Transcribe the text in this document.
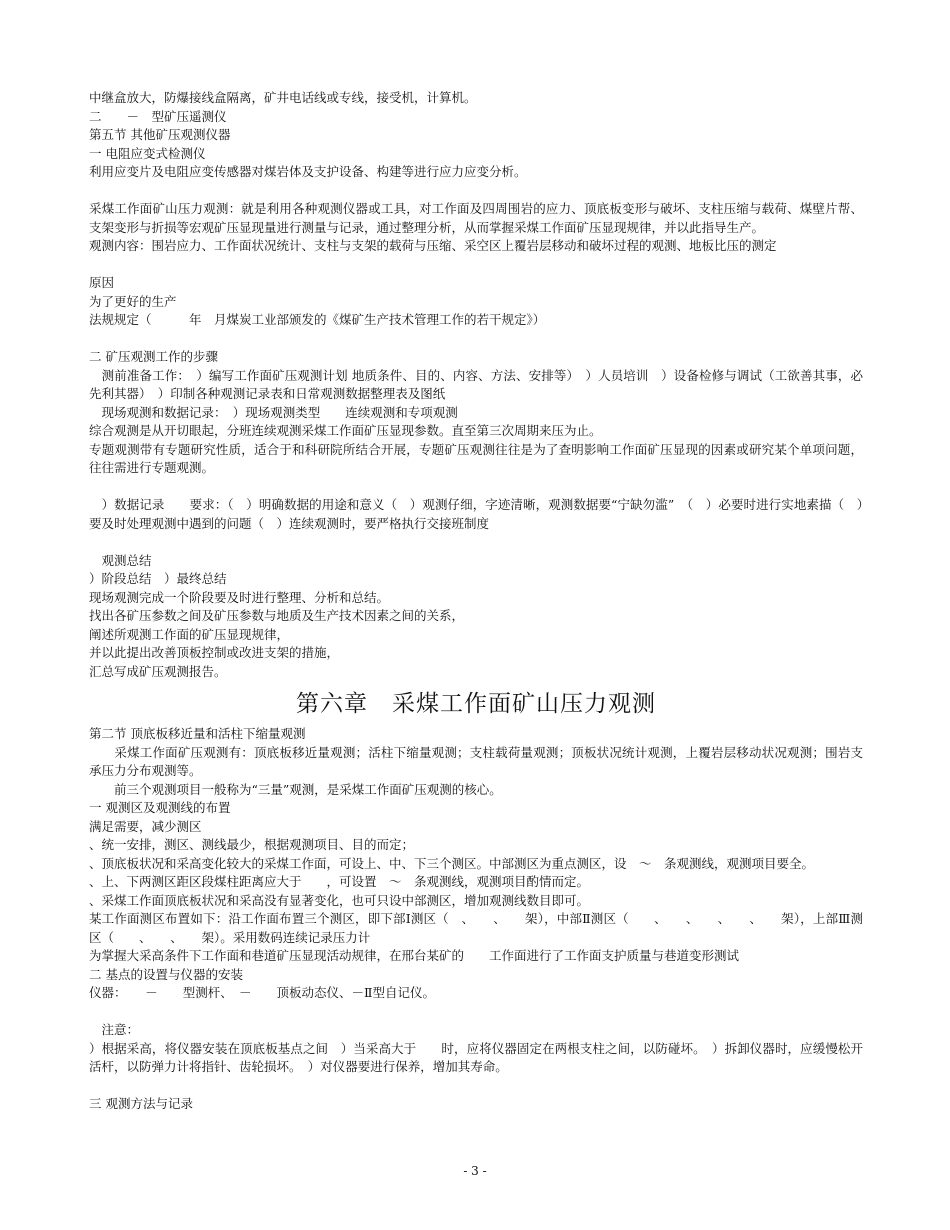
中继盒放大，防爆接线盒隔离，矿井电话线或专线，接受机，计算机。

二　　－　型矿压遥测仪

第五节 其他矿压观测仪器

一 电阻应变式检测仪

利用应变片及电阻应变传感器对煤岩体及支护设备、构建等进行应力应变分析。

采煤工作面矿山压力观测：就是利用各种观测仪器或工具，对工作面及四周围岩的应力、顶底板变形与破坏、支柱压缩与载荷、煤壁片帮、支架变形与折损等宏观矿压显现量进行测量与记录，通过整理分析，从而掌握采煤工作面矿压显现规律，并以此指导生产。

观测内容：围岩应力、工作面状况统计、支柱与支架的载荷与压缩、采空区上覆岩层移动和破坏过程的观测、地板比压的测定

原因

为了更好的生产

法规规定（　　　年　月煤炭工业部颁发的《煤矿生产技术管理工作的若干规定》）

二 矿压观测工作的步骤

　测前准备工作：　）编写工作面矿压观测计划 地质条件、目的、内容、方法、安排等）　）人员培训　）设备检修与调试（工欲善其事，必先利其器）　）印制各种观测记录表和日常观测数据整理表及图纸

　现场观测和数据记录：　）现场观测类型　　连续观测和专项观测

综合观测是从开切眼起，分班连续观测采煤工作面矿压显现参数。直至第三次周期来压为止。

专题观测带有专题研究性质，适合于和科研院所结合开展，专题矿压观测往往是为了查明影响工作面矿压显现的因素或研究某个单项问题，往往需进行专题观测。

　）数据记录　　要求：（　）明确数据的用途和意义（　）观测仔细，字迹清晰，观测数据要“宁缺勿滥”　（　）必要时进行实地素描（　）要及时处理观测中遇到的问题（　）连续观测时，要严格执行交接班制度

　观测总结

）阶段总结　）最终总结

现场观测完成一个阶段要及时进行整理、分析和总结。

找出各矿压参数之间及矿压参数与地质及生产技术因素之间的关系，

阐述所观测工作面的矿压显现规律，

并以此提出改善顶板控制或改进支架的措施，

汇总写成矿压观测报告。

第六章　采煤工作面矿山压力观测

第二节 顶底板移近量和活柱下缩量观测

　　采煤工作面矿压观测有：顶底板移近量观测；活柱下缩量观测；支柱载荷量观测；顶板状况统计观测，上覆岩层移动状况观测；围岩支承压力分布观测等。

　　前三个观测项目一般称为“三量”观测，是采煤工作面矿压观测的核心。

一 观测区及观测线的布置

满足需要，减少测区

、统一安排，测区、测线最少，根据观测项目、目的而定；

、顶底板状况和采高变化较大的采煤工作面，可设上、中、下三个测区。中部测区为重点测区，设　～　条观测线，观测项目要全。

、上、下两测区距区段煤柱距离应大于　　，可设置　～　条观测线，观测项目酌情而定。

、采煤工作面顶底板状况和采高没有显著变化，也可只设中部测区，增加观测线数目即可。

某工作面测区布置如下：沿工作面布置三个测区，即下部Ⅰ测区（　、　　、　　架），中部Ⅱ测区（　　、　　、　　、　　、　　架），上部Ⅲ测区（　　、　　、　　架）。采用数码连续记录压力计

为掌握大采高条件下工作面和巷道矿压显现活动规律，在邢台某矿的　　工作面进行了工作面支护质量与巷道变形测试

二 基点的设置与仪器的安装

仪器：　　－　　型测杆、　－　　顶板动态仪、－Ⅱ型自记仪。

　注意：

）根据采高，将仪器安装在顶底板基点之间　）当采高大于　　时，应将仪器固定在两根支柱之间，以防碰坏。　）拆卸仪器时，应缓慢松开活杆，以防弹力计将指针、齿轮损坏。　）对仪器要进行保养，增加其寿命。

三 观测方法与记录

- 3 -
